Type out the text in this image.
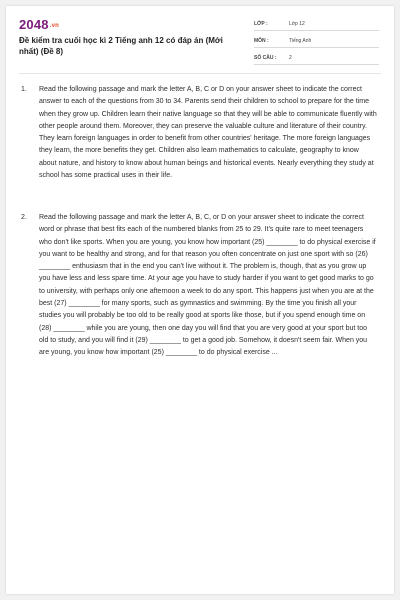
2048.vn
Đề kiểm tra cuối học kì 2 Tiếng anh 12 có đáp án (Mới nhất) (Đề 8)
LỚP :	Lớp 12
MÔN :	Tiếng Anh
SỐ CÂU :	2
1. Read the following passage and mark the letter A, B, C or D on your answer sheet to indicate the correct answer to each of the questions from 30 to 34. Parents send their children to school to prepare for the time when they grow up. Children learn their native language so that they will be able to communicate fluently with other people around them. Moreover, they can preserve the valuable culture and literature of their country. They learn foreign languages in order to benefit from other countries' heritage. The more foreign languages they learn, the more benefits they get. Children also learn mathematics to calculate, geography to know about nature, and history to know about human beings and historical events. Nearly everything they study at school has some practical uses in their life.
2. Read the following passage and mark the letter A, B, C, or D on your answer sheet to indicate the correct word or phrase that best fits each of the numbered blanks from 25 to 29. It's quite rare to meet teenagers who don't like sports. When you are young, you know how important (25) ________ to do physical exercise if you want to be healthy and strong, and for that reason you often concentrate on just one sport with so (26) ________ enthusiasm that in the end you can't live without it. The problem is, though, that as you grow up you have less and less spare time. At your age you have to study harder if you want to get good marks to go to university, with perhaps only one afternoon a week to do any sport. This happens just when you are at the best (27) ________ for many sports, such as gymnastics and swimming. By the time you finish all your studies you will probably be too old to be really good at sports like those, but if you spend enough time on (28) ________ while you are young, then one day you will find that you are very good at your sport but too old to study, and you will find it (29) ________ to get a good job. Somehow, it doesn't seem fair. When you are young, you know how important (25) ________ to do physical exercise ...
